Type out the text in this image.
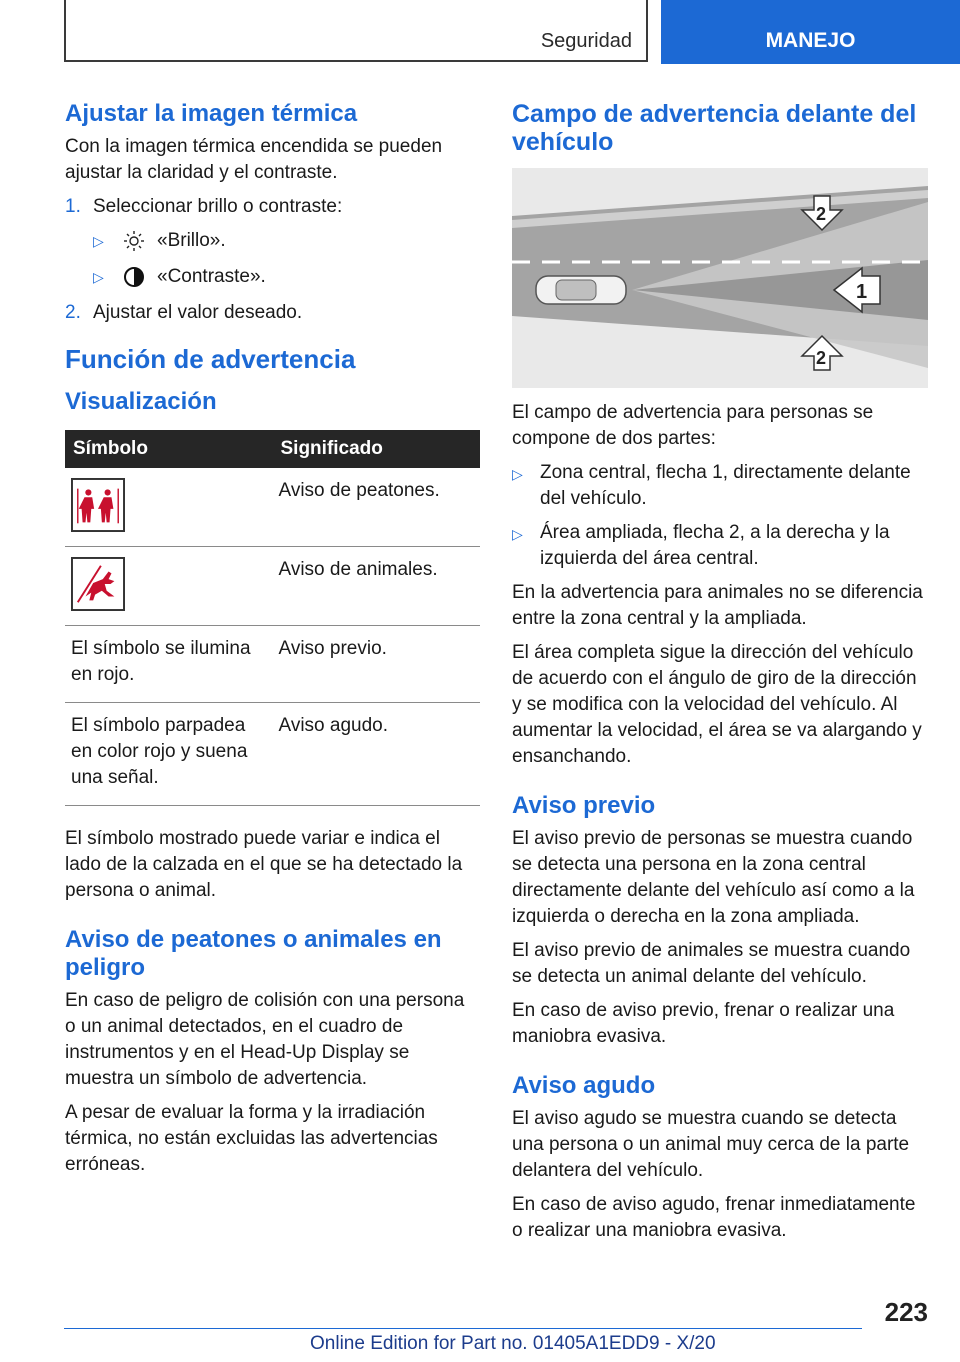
Seguridad	MANEJO
Ajustar la imagen térmica

Con la imagen térmica encendida se pueden ajustar la claridad y el contraste.

1. Seleccionar brillo o contraste:
▷	«Brillo».
▷	«Contraste».
2. Ajustar el valor deseado.
Función de advertencia
Visualización
Símbolo	Significado

	Aviso de peatones.

	Aviso de animales.
El símbolo se ilumina en rojo.	Aviso previo.
El símbolo parpadea en color rojo y suena una señal.	Aviso agudo.

El símbolo mostrado puede variar e indica el lado de la calzada en el que se ha detectado la persona o animal.

Aviso de peatones o animales en peligro

En caso de peligro de colisión con una persona o un animal detectados, en el cuadro de instrumentos y en el Head-Up Display se muestra un símbolo de advertencia.

A pesar de evaluar la forma y la irradiación térmica, no están excluidas las advertencias erróneas.

Campo de advertencia delante del vehículo
1
2
2

El campo de advertencia para personas se compone de dos partes:

▷ Zona central, flecha 1, directamente delante del vehículo.
▷ Área ampliada, flecha 2, a la derecha y la izquierda del área central.

En la advertencia para animales no se diferencia entre la zona central y la ampliada.

El área completa sigue la dirección del vehículo de acuerdo con el ángulo de giro de la dirección y se modifica con la velocidad del vehículo. Al aumentar la velocidad, el área se va alargando y ensanchando.

Aviso previo

El aviso previo de personas se muestra cuando se detecta una persona en la zona central directamente delante del vehículo así como a la izquierda o derecha en la zona ampliada.

El aviso previo de animales se muestra cuando se detecta un animal delante del vehículo.

En caso de aviso previo, frenar o realizar una maniobra evasiva.

Aviso agudo

El aviso agudo se muestra cuando se detecta una persona o un animal muy cerca de la parte delantera del vehículo.

En caso de aviso agudo, frenar inmediatamente o realizar una maniobra evasiva.

223
Online Edition for Part no. 01405A1EDD9 - X/20
